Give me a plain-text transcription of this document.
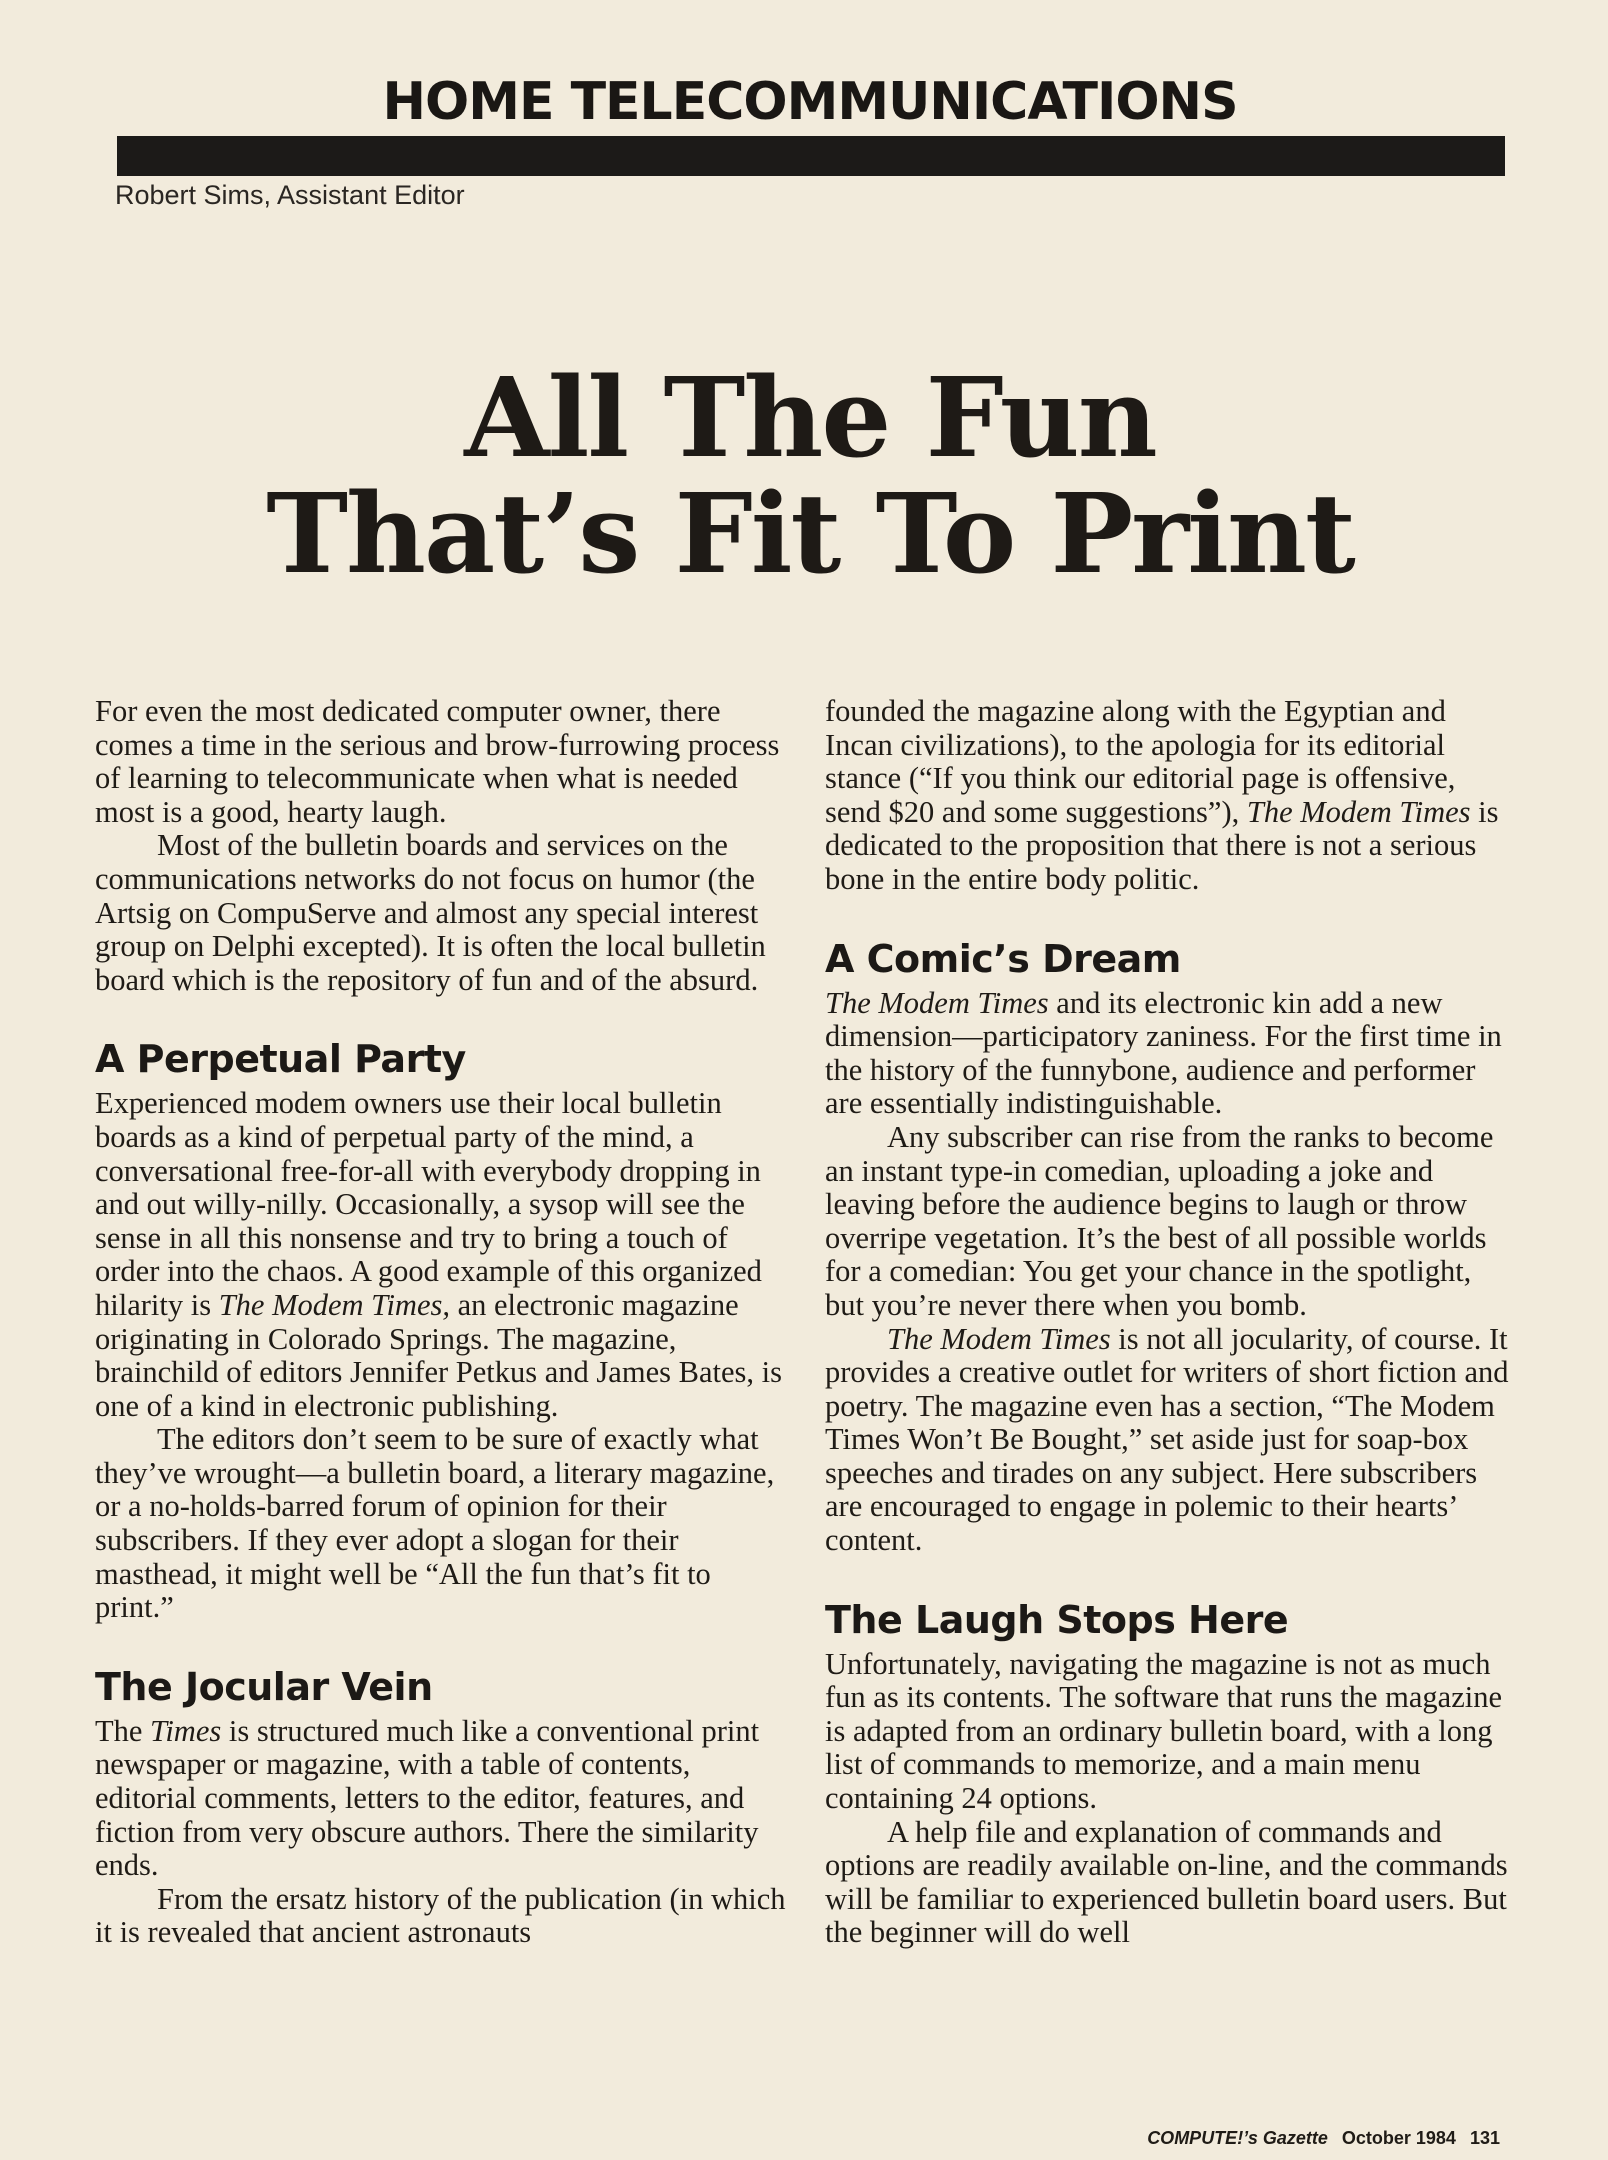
HOME TELECOMMUNICATIONS
Robert Sims, Assistant Editor
All The Fun
That’s Fit To Print

For even the most dedicated computer owner, there comes a time in the serious and brow-furrowing process of learning to telecommunicate when what is needed most is a good, hearty laugh.

Most of the bulletin boards and services on the communications networks do not focus on humor (the Artsig on CompuServe and almost any special interest group on Delphi excepted). It is often the local bulletin board which is the repository of fun and of the absurd.

A Perpetual Party

Experienced modem owners use their local bulletin boards as a kind of perpetual party of the mind, a conversational free-for-all with everybody dropping in and out willy-nilly. Occasionally, a sysop will see the sense in all this nonsense and try to bring a touch of order into the chaos. A good example of this organized hilarity is The Modem Times, an electronic magazine originating in Colorado Springs. The magazine, brainchild of editors Jennifer Petkus and James Bates, is one of a kind in electronic publishing.

The editors don’t seem to be sure of exactly what they’ve wrought—a bulletin board, a literary magazine, or a no-holds-barred forum of opinion for their subscribers. If they ever adopt a slogan for their masthead, it might well be “All the fun that’s fit to print.”

The Jocular Vein

The Times is structured much like a conventional print newspaper or magazine, with a table of contents, editorial comments, letters to the editor, features, and fiction from very obscure authors. There the similarity ends.

From the ersatz history of the publication (in which it is revealed that ancient astronauts

founded the magazine along with the Egyptian and Incan civilizations), to the apologia for its editorial stance (“If you think our editorial page is offensive, send $20 and some suggestions”), The Modem Times is dedicated to the proposition that there is not a serious bone in the entire body politic.

A Comic’s Dream

The Modem Times and its electronic kin add a new dimension—participatory zaniness. For the first time in the history of the funnybone, audience and performer are essentially indistinguishable.

Any subscriber can rise from the ranks to become an instant type-in comedian, uploading a joke and leaving before the audience begins to laugh or throw overripe vegetation. It’s the best of all possible worlds for a comedian: You get your chance in the spotlight, but you’re never there when you bomb.

The Modem Times is not all jocularity, of course. It provides a creative outlet for writers of short fiction and poetry. The magazine even has a section, “The Modem Times Won’t Be Bought,” set aside just for soap-box speeches and tirades on any subject. Here subscribers are encouraged to engage in polemic to their hearts’ content.

The Laugh Stops Here

Unfortunately, navigating the magazine is not as much fun as its contents. The software that runs the magazine is adapted from an ordinary bulletin board, with a long list of commands to memorize, and a main menu containing 24 options.

A help file and explanation of commands and options are readily available on-line, and the commands will be familiar to experienced bulletin board users. But the beginner will do well

COMPUTE!’s Gazette October 1984 131
